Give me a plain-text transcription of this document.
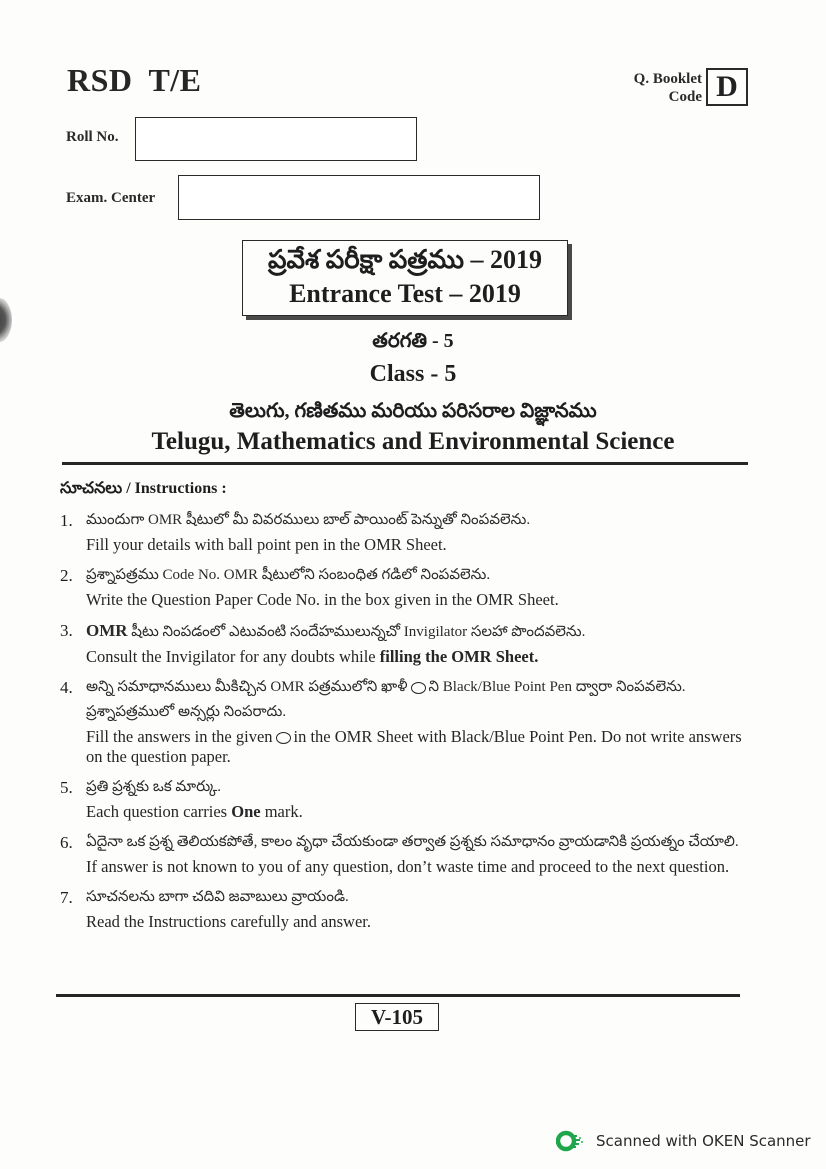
RSD T/E	Q. Booklet
Code D
Roll No.
Exam. Center
ప్రవేశ పరీక్షా పత్రము – 2019
Entrance Test – 2019
తరగతి - 5
Class - 5
తెలుగు, గణితము మరియు పరిసరాల విజ్ఞానము
Telugu, Mathematics and Environmental Science
సూచనలు / Instructions :
1. ముందుగా OMR షీటులో మీ వివరములు బాల్ పాయింట్ పెన్నుతో నింపవలెను.
Fill your details with ball point pen in the OMR Sheet.
2. ప్రశ్నాపత్రము Code No. OMR షీటులోని సంబంధిత గడిలో నింపవలెను.
Write the Question Paper Code No. in the box given in the OMR Sheet.
3. OMR షీటు నింపడంలో ఎటువంటి సందేహములున్నచో Invigilator సలహా పొందవలెను.
Consult the Invigilator for any doubts while filling the OMR Sheet.
4. అన్ని సమాధానములు మీకిచ్చిన OMR పత్రములోని ఖాళీ ని Black/Blue Point Pen ద్వారా నింపవలెను.
ప్రశ్నాపత్రములో అన్సర్లు నింపరాదు.
Fill the answers in the given in the OMR Sheet with Black/Blue Point Pen. Do not write answers on the question paper.
5. ప్రతి ప్రశ్నకు ఒక మార్కు.
Each question carries One mark.
6. ఏదైనా ఒక ప్రశ్న తెలియకపోతే, కాలం వృధా చేయకుండా తర్వాత ప్రశ్నకు సమాధానం వ్రాయడానికి ప్రయత్నం చేయాలి.
If answer is not known to you of any question, don’t waste time and proceed to the next question.
7. సూచనలను బాగా చదివి జవాబులు వ్రాయండి.
Read the Instructions carefully and answer.
V-105
Scanned with OKEN Scanner
